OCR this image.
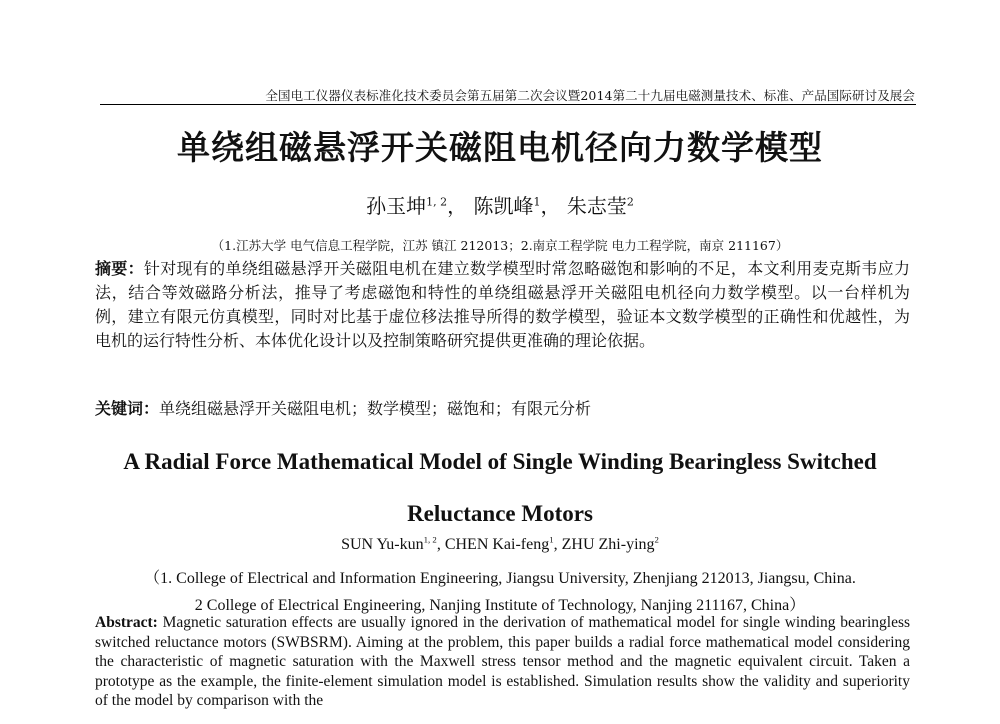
全国电工仪器仪表标准化技术委员会第五届第二次会议暨2014第二十九届电磁测量技术、标准、产品国际研讨及展会
单绕组磁悬浮开关磁阻电机径向力数学模型
孙玉坤$^{1, 2}$， 陈凯峰$^1$， 朱志莹$^2$
（1.江苏大学 电气信息工程学院，江苏 镇江 212013；2.南京工程学院 电力工程学院，南京 211167）

摘要：针对现有的单绕组磁悬浮开关磁阻电机在建立数学模型时常忽略磁饱和影响的不足，本文利用麦克斯韦应力法，结合等效磁路分析法，推导了考虑磁饱和特性的单绕组磁悬浮开关磁阻电机径向力数学模型。以一台样机为例，建立有限元仿真模型，同时对比基于虚位移法推导所得的数学模型，验证本文数学模型的正确性和优越性，为电机的运行特性分析、本体优化设计以及控制策略研究提供更准确的理论依据。

关键词：单绕组磁悬浮开关磁阻电机；数学模型；磁饱和；有限元分析

A Radial Force Mathematical Model of Single Winding Bearingless Switched
Reluctance Motors
SUN Yu-kun$^{1, 2}$, CHEN Kai-feng$^1$, ZHU Zhi-ying$^2$
（1. College of Electrical and Information Engineering, Jiangsu University, Zhenjiang 212013, Jiangsu, China.
2 College of Electrical Engineering, Nanjing Institute of Technology, Nanjing 211167, China）

Abstract: Magnetic saturation effects are usually ignored in the derivation of mathematical model for single winding bearingless switched reluctance motors (SWBSRM). Aiming at the problem, this paper builds a radial force mathematical model considering the characteristic of magnetic saturation with the Maxwell stress tensor method and the magnetic equivalent circuit. Taken a prototype as the example, the finite-element simulation model is established. Simulation results show the validity and superiority of the model by comparison with the
